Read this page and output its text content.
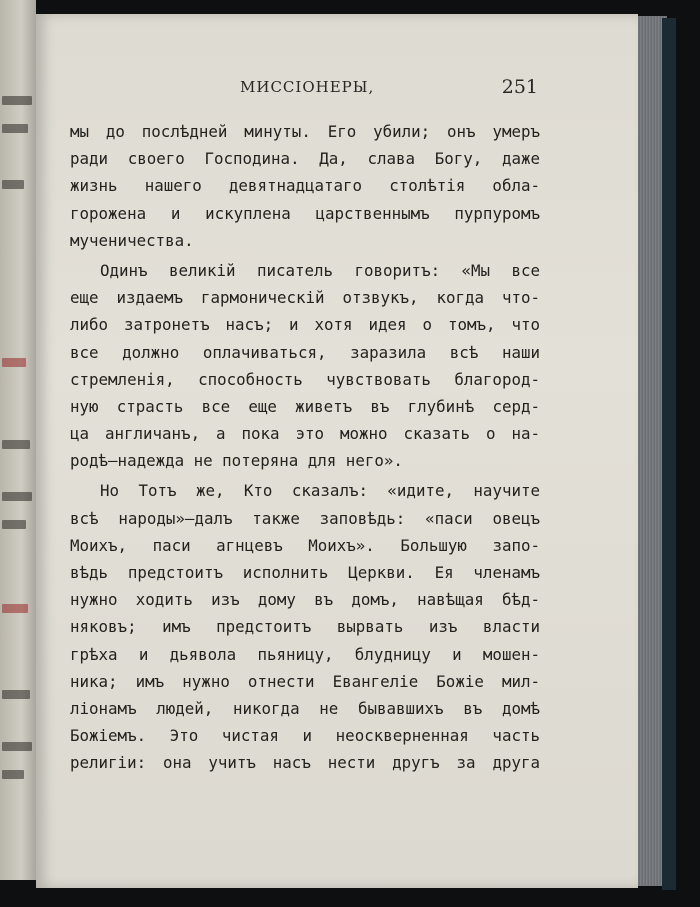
МИССIОНЕРЫ,	251
мы до послѣдней минуты. Его убили; онъ умеръ
ради своего Господина. Да, слава Богу, даже
жизнь нашего девятнадцатаго столѣтія обла-
горожена и искуплена царственнымъ пурпуромъ
мученичества.
Одинъ великiй писатель говоритъ: «Мы все
еще издаемъ гармоническiй отзвукъ, когда что-
либо затронетъ насъ; и хотя идея о томъ, что
все должно оплачиваться, заразила всѣ наши
стремленія, способность чувствовать благород-
ную страсть все еще живетъ въ глубинѣ серд-
ца англичанъ, а пока это можно сказать о на-
родѣ—надежда не потеряна для него».
Но Тотъ же, Кто сказалъ: «идите, научите
всѣ народы»—далъ также заповѣдь: «паси овецъ
Моихъ, паси агнцевъ Моихъ». Большую запо-
вѣдь предстоитъ исполнить Церкви. Ея членамъ
нужно ходить изъ дому въ домъ, навѣщая бѣд-
няковъ; имъ предстоитъ вырвать изъ власти
грѣха и дьявола пьяницу, блудницу и мошен-
ника; имъ нужно отнести Евангелiе Божiе мил-
лiонамъ людей, никогда не бывавшихъ въ домѣ
Божiемъ. Это чистая и неоскверненная часть
религiи: она учитъ насъ нести другъ за друга
